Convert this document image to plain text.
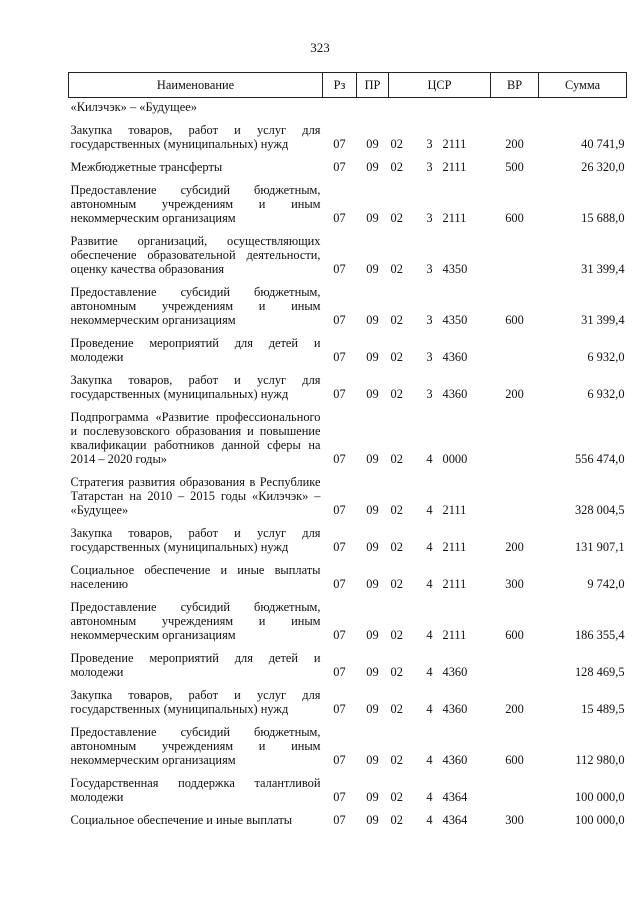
323
Наименование	Рз	ПР	ЦСР			ВР	Сумма
«Килэчэк» – «Будущее»							
Закупка товаров, работ и услуг для государственных (муниципальных) нужд	07	09	02	3	2111	200	40 741,9
Межбюджетные трансферты	07	09	02	3	2111	500	26 320,0
Предоставление субсидий бюджетным, автономным учреждениям и иным некоммерческим организациям	07	09	02	3	2111	600	15 688,0
Развитие организаций, осуществляющих обеспечение образовательной деятельности, оценку качества образования	07	09	02	3	4350		31 399,4
Предоставление субсидий бюджетным, автономным учреждениям и иным некоммерческим организациям	07	09	02	3	4350	600	31 399,4
Проведение мероприятий для детей и молодежи	07	09	02	3	4360		6 932,0
Закупка товаров, работ и услуг для государственных (муниципальных) нужд	07	09	02	3	4360	200	6 932,0
Подпрограмма «Развитие профессионального и послевузовского образования и повышение квалификации работников данной сферы на 2014 – 2020 годы»	07	09	02	4	0000		556 474,0
Стратегия развития образования в Республике Татарстан на 2010 – 2015 годы «Килэчэк» – «Будущее»	07	09	02	4	2111		328 004,5
Закупка товаров, работ и услуг для государственных (муниципальных) нужд	07	09	02	4	2111	200	131 907,1
Социальное обеспечение и иные выплаты населению	07	09	02	4	2111	300	9 742,0
Предоставление субсидий бюджетным, автономным учреждениям и иным некоммерческим организациям	07	09	02	4	2111	600	186 355,4
Проведение мероприятий для детей и молодежи	07	09	02	4	4360		128 469,5
Закупка товаров, работ и услуг для государственных (муниципальных) нужд	07	09	02	4	4360	200	15 489,5
Предоставление субсидий бюджетным, автономным учреждениям и иным некоммерческим организациям	07	09	02	4	4360	600	112 980,0
Государственная поддержка талантливой молодежи	07	09	02	4	4364		100 000,0
Социальное обеспечение и иные выплаты	07	09	02	4	4364	300	100 000,0
